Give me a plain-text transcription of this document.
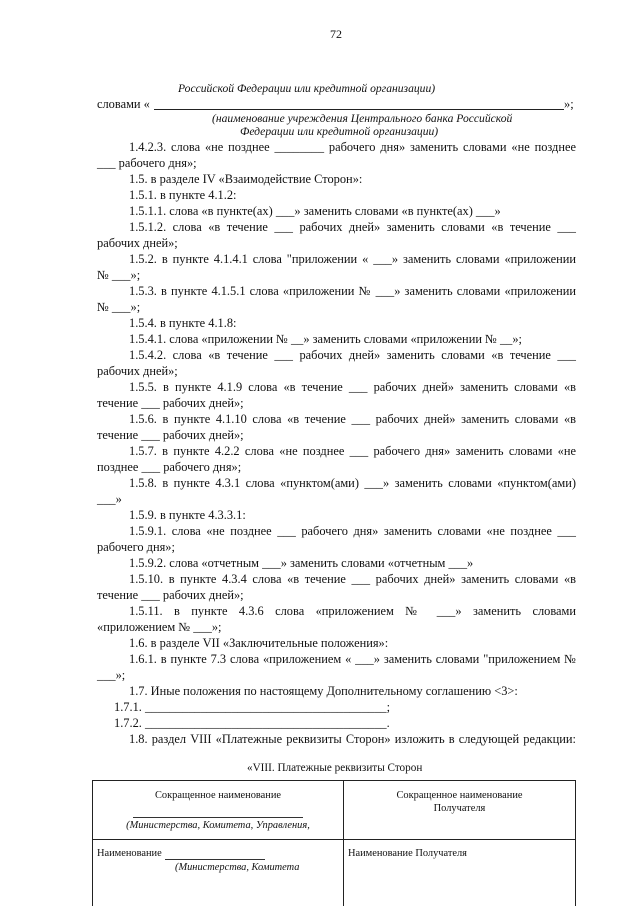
72
Российской Федерации или кредитной организации)
словами «	»;
(наименование учреждения Центрального банка Российской
Федерации или кредитной организации)
1.4.2.3. слова «не позднее ________ рабочего дня» заменить словами «не позднее
___ рабочего дня»;
1.5. в разделе IV «Взаимодействие Сторон»:
1.5.1. в пункте 4.1.2:
1.5.1.1. слова «в пункте(ах) ___» заменить словами «в пункте(ах) ___»
1.5.1.2. слова «в течение ___ рабочих дней» заменить словами «в течение ___
рабочих дней»;
1.5.2. в пункте 4.1.4.1 слова "приложении « ___» заменить словами «приложении
№ ___»;
1.5.3. в пункте 4.1.5.1 слова «приложении № ___» заменить словами «приложении
№ ___»;
1.5.4. в пункте 4.1.8:
1.5.4.1. слова «приложении № __» заменить словами «приложении № __»;
1.5.4.2. слова «в течение ___ рабочих дней» заменить словами «в течение ___
рабочих дней»;
1.5.5. в пункте 4.1.9 слова «в течение ___ рабочих дней» заменить словами «в
течение ___ рабочих дней»;
1.5.6. в пункте 4.1.10 слова «в течение ___ рабочих дней» заменить словами «в
течение ___ рабочих дней»;
1.5.7. в пункте 4.2.2 слова «не позднее ___ рабочего дня» заменить словами «не
позднее ___ рабочего дня»;
1.5.8. в пункте 4.3.1 слова «пунктом(ами) ___» заменить словами «пунктом(ами)
___»
1.5.9. в пункте 4.3.3.1:
1.5.9.1. слова «не позднее ___ рабочего дня» заменить словами «не позднее ___
рабочего дня»;
1.5.9.2. слова «отчетным ___» заменить словами «отчетным ___»
1.5.10. в пункте 4.3.4 слова «в течение ___ рабочих дней» заменить словами «в
течение ___ рабочих дней»;
1.5.11. в пункте 4.3.6 слова «приложением № ___» заменить словами
«приложением № ___»;
1.6. в разделе VII «Заключительные положения»:
1.6.1. в пункте 7.3 слова «приложением « ___» заменить словами "приложением №
___»;
1.7. Иные положения по настоящему Дополнительному соглашению <3>:
1.7.1. _______________________________________;
1.7.2. _______________________________________.
1.8. раздел VIII «Платежные реквизиты Сторон» изложить в следующей редакции:
«VIII. Платежные реквизиты Сторон
Сокращенное наименование
(Министерства, Комитета, Управления,
Сокращенное наименование
Получателя
Наименование
(Министерства, Комитета
Наименование Получателя
